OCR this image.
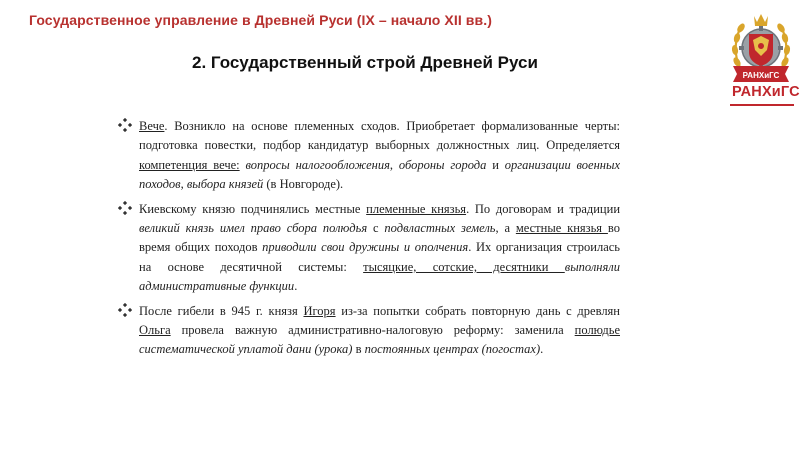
Государственное управление в Древней Руси (IX – начало XII вв.)
РАНХиГС
РАНХиГС
2. Государственный строй Древней Руси

Вече. Возникло на основе племенных сходов. Приобретает формализованные черты: подготовка повестки, подбор кандидатур выборных должностных лиц. Определяется компетенция вече: вопросы налогообложения, обороны города и организации военных походов, выбора князей (в Новгороде).

Киевскому князю подчинялись местные племенные князья. По договорам и традиции великий князь имел право сбора полюдья с подвластных земель, а местные князья во время общих походов приводили свои дружины и ополчения. Их организация строилась на основе десятичной системы: тысяцкие, сотские, десятники выполняли административные функции.

После гибели в 945 г. князя Игоря из-за попытки собрать повторную дань с древлян Ольга провела важную административно-налоговую реформу: заменила полюдье систематической уплатой дани (урока) в постоянных центрах (погостах).
